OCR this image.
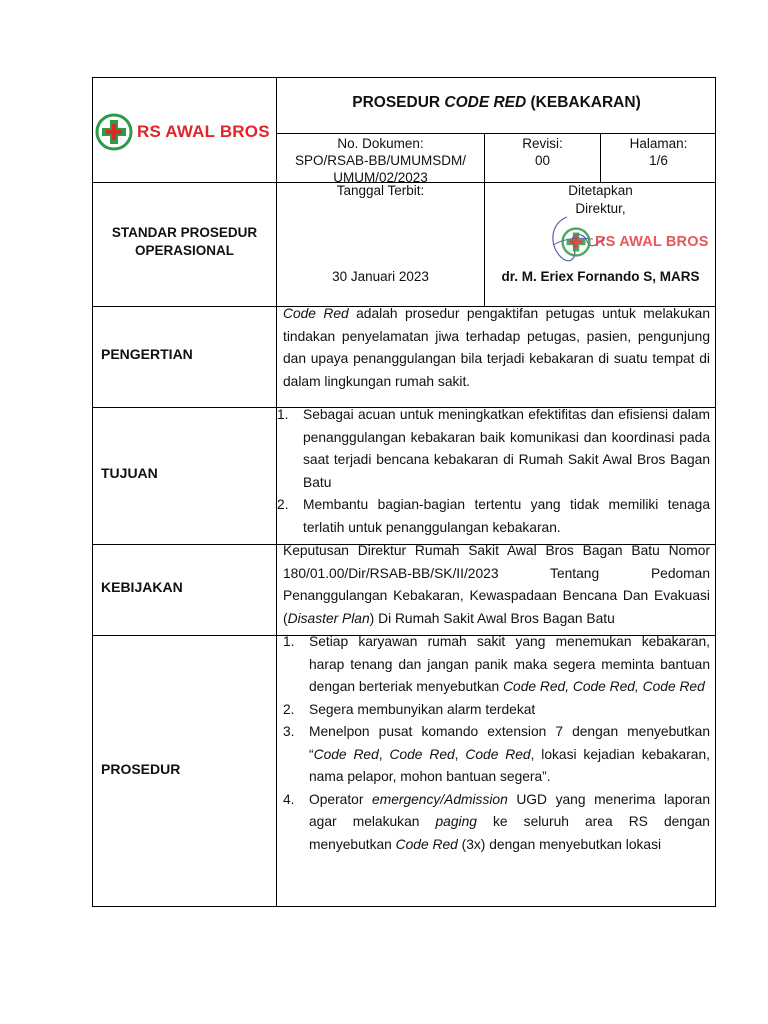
RS AWAL BROS
PROSEDUR CODE RED (KEBAKARAN)
No. Dokumen:
SPO/RSAB-BB/UMUMSDM/
UMUM/02/2023
Revisi:
00
Halaman:
1/6
STANDAR PROSEDUR
OPERASIONAL
Tanggal Terbit:
30 Januari 2023
Ditetapkan
Direktur,
RS AWAL BROS
dr. M. Eriex Fornando S, MARS
PENGERTIAN

Code Red adalah prosedur pengaktifan petugas untuk melakukan tindakan penyelamatan jiwa terhadap petugas, pasien, pengunjung dan upaya penanggulangan bila terjadi kebakaran di suatu tempat di dalam lingkungan rumah sakit.

TUJUAN
1. Sebagai acuan untuk meningkatkan efektifitas dan efisiensi dalam penanggulangan kebakaran baik komunikasi dan koordinasi pada saat terjadi bencana kebakaran di Rumah Sakit Awal Bros Bagan Batu
2. Membantu bagian-bagian tertentu yang tidak memiliki tenaga terlatih untuk penanggulangan kebakaran.
KEBIJAKAN

Keputusan Direktur Rumah Sakit Awal Bros Bagan Batu Nomor 180/01.00/Dir/RSAB-BB/SK/II/2023 Tentang Pedoman Penanggulangan Kebakaran, Kewaspadaan Bencana Dan Evakuasi (Disaster Plan) Di Rumah Sakit Awal Bros Bagan Batu

PROSEDUR
1. Setiap karyawan rumah sakit yang menemukan kebakaran, harap tenang dan jangan panik maka segera meminta bantuan dengan berteriak menyebutkan Code Red, Code Red, Code Red
2. Segera membunyikan alarm terdekat
3. Menelpon pusat komando extension 7 dengan menyebutkan “Code Red, Code Red, Code Red, lokasi kejadian kebakaran, nama pelapor, mohon bantuan segera”.
4. Operator emergency/Admission UGD yang menerima laporan agar melakukan paging ke seluruh area RS dengan menyebutkan Code Red (3x) dengan menyebutkan lokasi
